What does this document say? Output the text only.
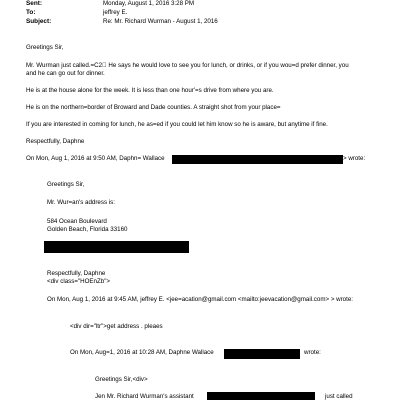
Sent:	Monday, August 1, 2016 3:28 PM
To:	jeffrey E.
Subject:	Re: Mr. Richard Wurman - August 1, 2016
Greetings Sir,
Mr. Wurman just called.=C2  He says he would love to see you for lunch, or drinks, or if you wou=d prefer dinner, you
and he can go out for dinner.
He is at the house alone for the week. It is less than one hour'=s drive from where you are.
He is on the northern=border of Broward and Dade counties. A straight shot from your place=
If you are interested in coming for lunch, he as=ed if you could let him know so he is aware, but anytime if fine.
Respectfully, Daphne
On Mon, Aug 1, 2016 at 9:50 AM, Daphn= Wallace	> wrote:
Greetings Sir,
Mr. Wur=an's address is:
584 Ocean Boulevard
Golden Beach, Florida 33160
Respectfully, Daphne
<div class="HOEnZb">
On Mon, Aug 1, 2016 at 9:45 AM, jeffrey E. <jee=acation@gmail.com <mailto:jeevacation@gmail.com> > wrote:
<div dir="ltr">get address . pleaes
On Mon, Aug=1, 2016 at 10:28 AM, Daphne Wallace	wrote:
Greetings Sir,<div>
Jen Mr. Richard Wurman's assistant	just called
